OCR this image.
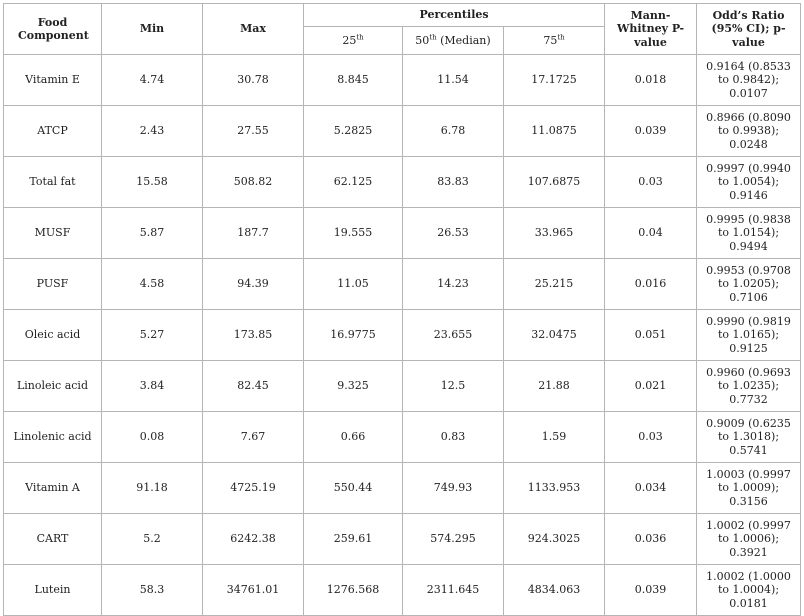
Food Component	Min	Max	Percentiles			Mann-Whitney P-value	Odd’s Ratio (95% CI); p-value
			25th	50th (Median)	75th
Vitamin E	4.74	30.78	8.845	11.54	17.1725	0.018	0.9164 (0.8533 to 0.9842); 0.0107
ATCP	2.43	27.55	5.2825	6.78	11.0875	0.039	0.8966 (0.8090 to 0.9938); 0.0248
Total fat	15.58	508.82	62.125	83.83	107.6875	0.03	0.9997 (0.9940 to 1.0054); 0.9146
MUSF	5.87	187.7	19.555	26.53	33.965	0.04	0.9995 (0.9838 to 1.0154); 0.9494
PUSF	4.58	94.39	11.05	14.23	25.215	0.016	0.9953 (0.9708 to 1.0205); 0.7106
Oleic acid	5.27	173.85	16.9775	23.655	32.0475	0.051	0.9990 (0.9819 to 1.0165); 0.9125
Linoleic acid	3.84	82.45	9.325	12.5	21.88	0.021	0.9960 (0.9693 to 1.0235); 0.7732
Linolenic acid	0.08	7.67	0.66	0.83	1.59	0.03	0.9009 (0.6235 to 1.3018); 0.5741
Vitamin A	91.18	4725.19	550.44	749.93	1133.953	0.034	1.0003 (0.9997 to 1.0009); 0.3156
CART	5.2	6242.38	259.61	574.295	924.3025	0.036	1.0002 (0.9997 to 1.0006); 0.3921
Lutein	58.3	34761.01	1276.568	2311.645	4834.063	0.039	1.0002 (1.0000 to 1.0004); 0.0181
